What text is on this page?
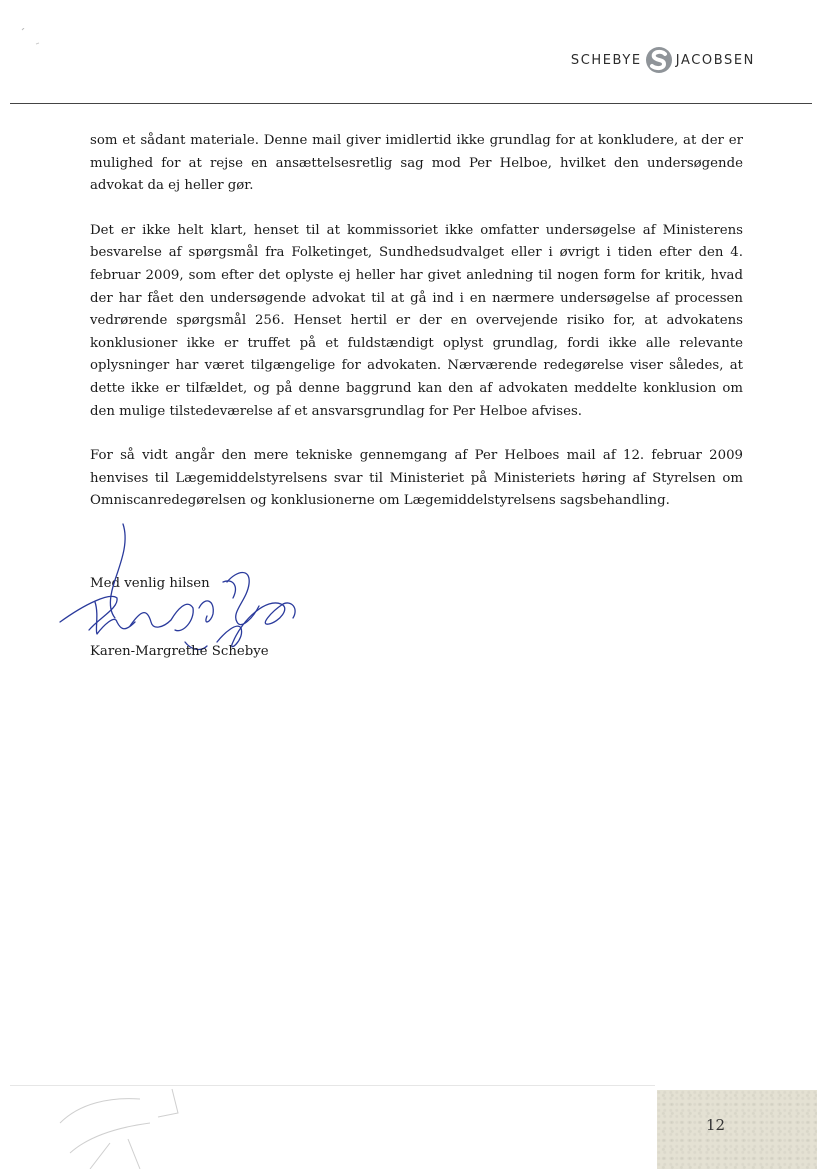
SCHEBYE	JACOBSEN

som et sådant materiale. Denne mail giver imidlertid ikke grundlag for at konkludere, at der er mulighed for at rejse en ansættelsesretlig sag mod Per Helboe, hvilket den undersøgende advokat da ej heller gør.

Det er ikke helt klart, henset til at kommissoriet ikke omfatter undersøgelse af Ministerens besvarelse af spørgsmål fra Folketinget, Sundhedsudvalget eller i øvrigt i tiden efter den 4. februar 2009, som efter det oplyste ej heller har givet anledning til nogen form for kritik, hvad der har fået den undersøgende advokat til at gå ind i en nærmere undersøgelse af processen vedrørende spørgsmål 256. Henset hertil er der en overvejende risiko for, at advokatens konklusioner ikke er truffet på et fuldstændigt oplyst grundlag, fordi ikke alle relevante oplysninger har været tilgængelige for advokaten. Nærværende redegørelse viser således, at dette ikke er tilfældet, og på denne baggrund kan den af advokaten meddelte konklusion om den mulige tilstedeværelse af et ansvarsgrundlag for Per Helboe afvises.

For så vidt angår den mere tekniske gennemgang af Per Helboes mail af 12. februar 2009 henvises til Lægemiddelstyrelsens svar til Ministeriet på Ministeriets høring af Styrelsen om Omniscanredegørelsen og konklusionerne om Lægemiddelstyrelsens sagsbehandling.

Med venlig hilsen
Karen-Margrethe Schebye
12
